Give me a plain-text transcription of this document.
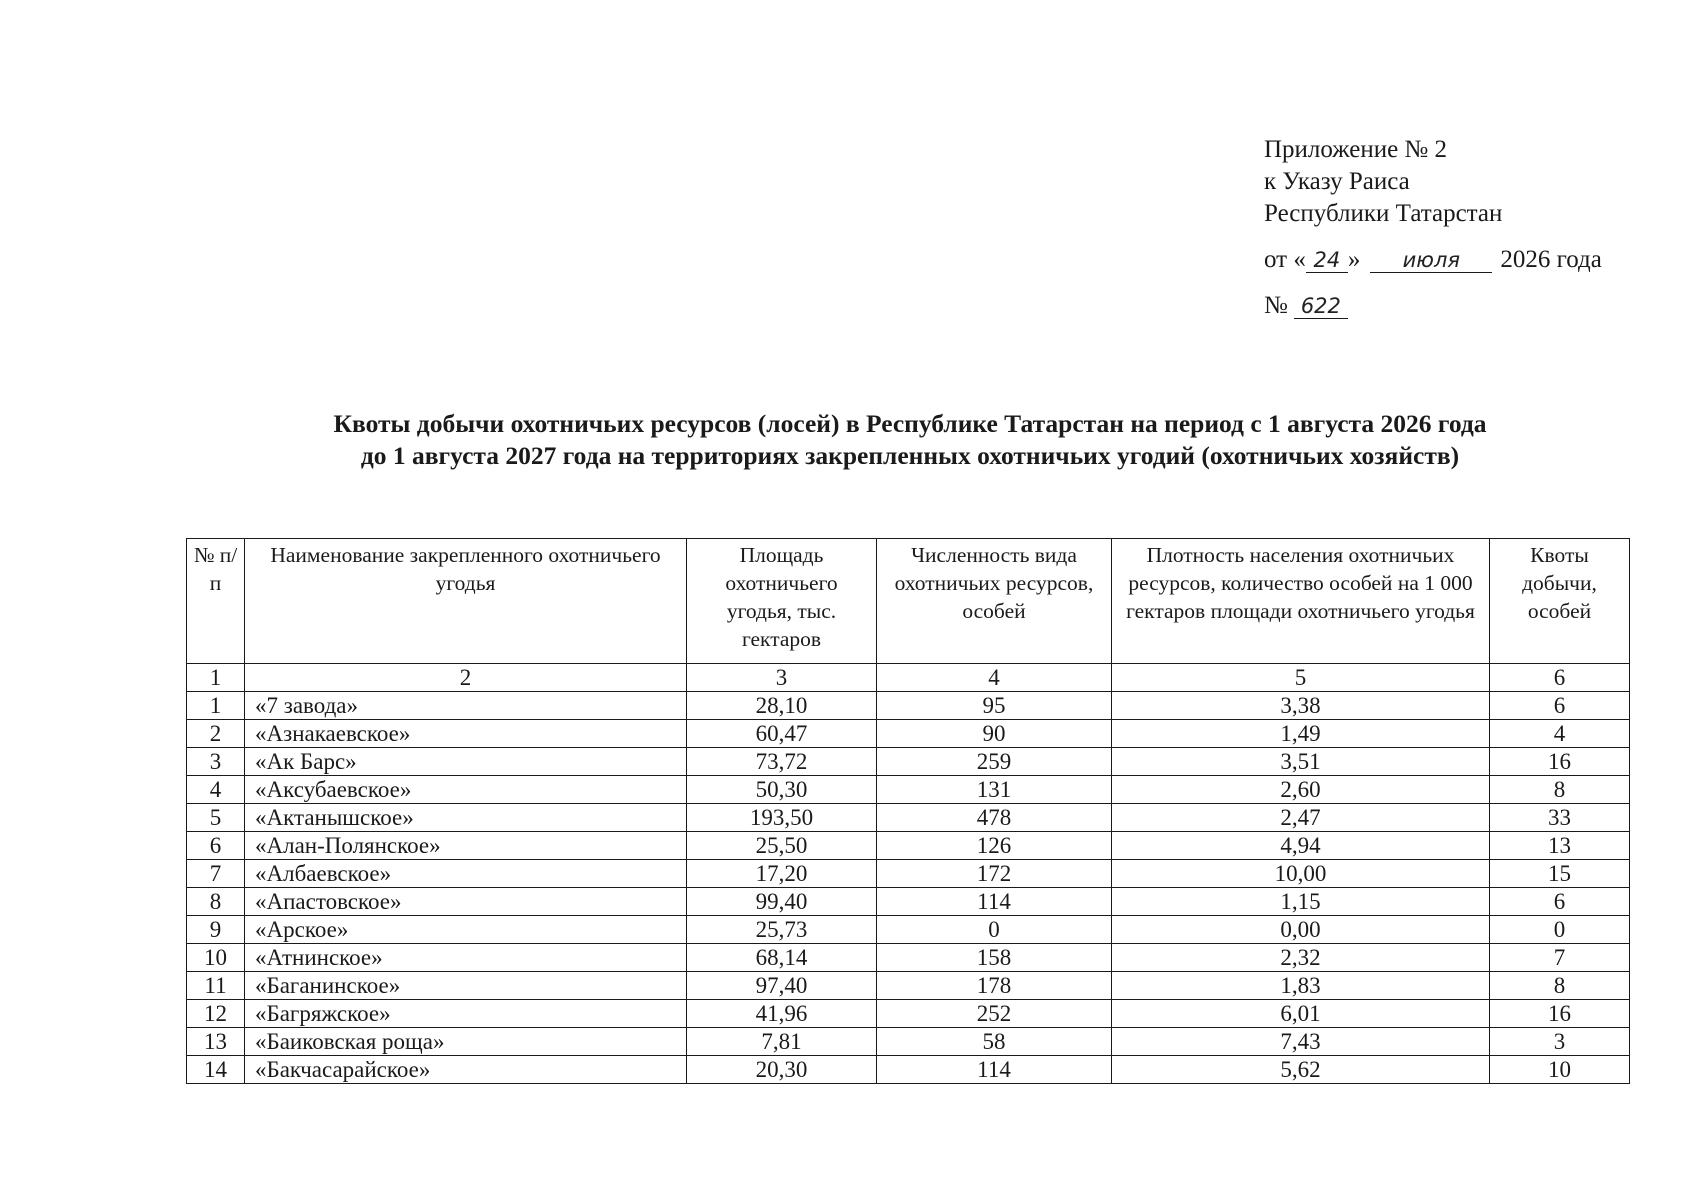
Приложение № 2
к Указу Раиса
Республики Татарстан
от « 24 » июля 2026 года
№ 622
Квоты добычи охотничьих ресурсов (лосей) в Республике Татарстан на период с 1 августа 2026 года
до 1 августа 2027 года на территориях закрепленных охотничьих угодий (охотничьих хозяйств)
№ п/п	Наименование закрепленного охотничьего угодья	Площадь охотничьего угодья, тыс. гектаров	Численность вида охотничьих ресурсов, особей	Плотность населения охотничьих ресурсов, количество особей на 1 000 гектаров площади охотничьего угодья	Квоты добычи, особей
1	2	3	4	5	6
1	«7 завода»	28,10	95	3,38	6
2	«Азнакаевское»	60,47	90	1,49	4
3	«Ак Барс»	73,72	259	3,51	16
4	«Аксубаевское»	50,30	131	2,60	8
5	«Актанышское»	193,50	478	2,47	33
6	«Алан-Полянское»	25,50	126	4,94	13
7	«Албаевское»	17,20	172	10,00	15
8	«Апастовское»	99,40	114	1,15	6
9	«Арское»	25,73	0	0,00	0
10	«Атнинское»	68,14	158	2,32	7
11	«Баганинское»	97,40	178	1,83	8
12	«Багряжское»	41,96	252	6,01	16
13	«Баиковская роща»	7,81	58	7,43	3
14	«Бакчасарайское»	20,30	114	5,62	10
